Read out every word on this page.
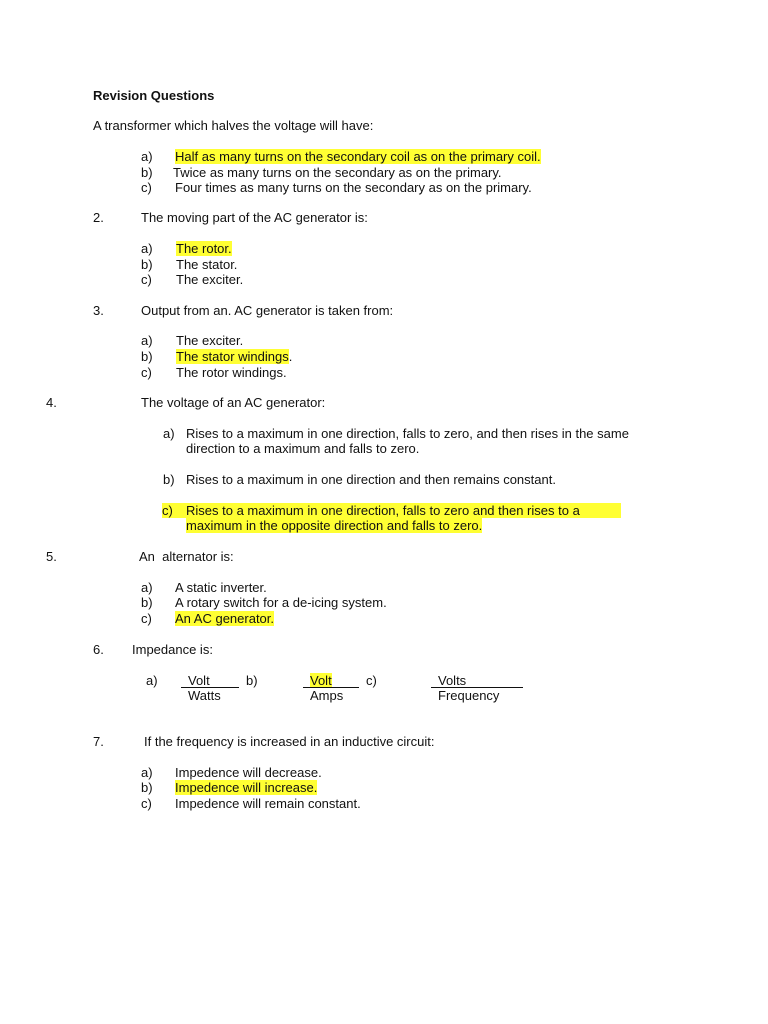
Revision Questions
A transformer which halves the voltage will have:
a) Half as many turns on the secondary coil as on the primary coil.
b) Twice as many turns on the secondary as on the primary.
c) Four times as many turns on the secondary as on the primary.
2.	The moving part of the AC generator is:
a) The rotor.
b) The stator.
c) The exciter.
3.	Output from an. AC generator is taken from:
a) The exciter.
b) The stator windings.
c) The rotor windings.
4.	The voltage of an AC generator:
a) Rises to a maximum in one direction, falls to zero, and then rises in the same
direction to a maximum and falls to zero.
b) Rises to a maximum in one direction and then remains constant.
c) Rises to a maximum in one direction, falls to zero and then rises to a
maximum in the opposite direction and falls to zero.
5.	An  alternator is:
a) A static inverter.
b) A rotary switch for a de-icing system.
c) An AC generator.
6. Impedance is:
a) Volt
Watts
b)	Volt
Amps
c)	Volts
Frequency
7.	If the frequency is increased in an inductive circuit:
a) Impedence will decrease.
b) Impedence will increase.
c) Impedence will remain constant.
